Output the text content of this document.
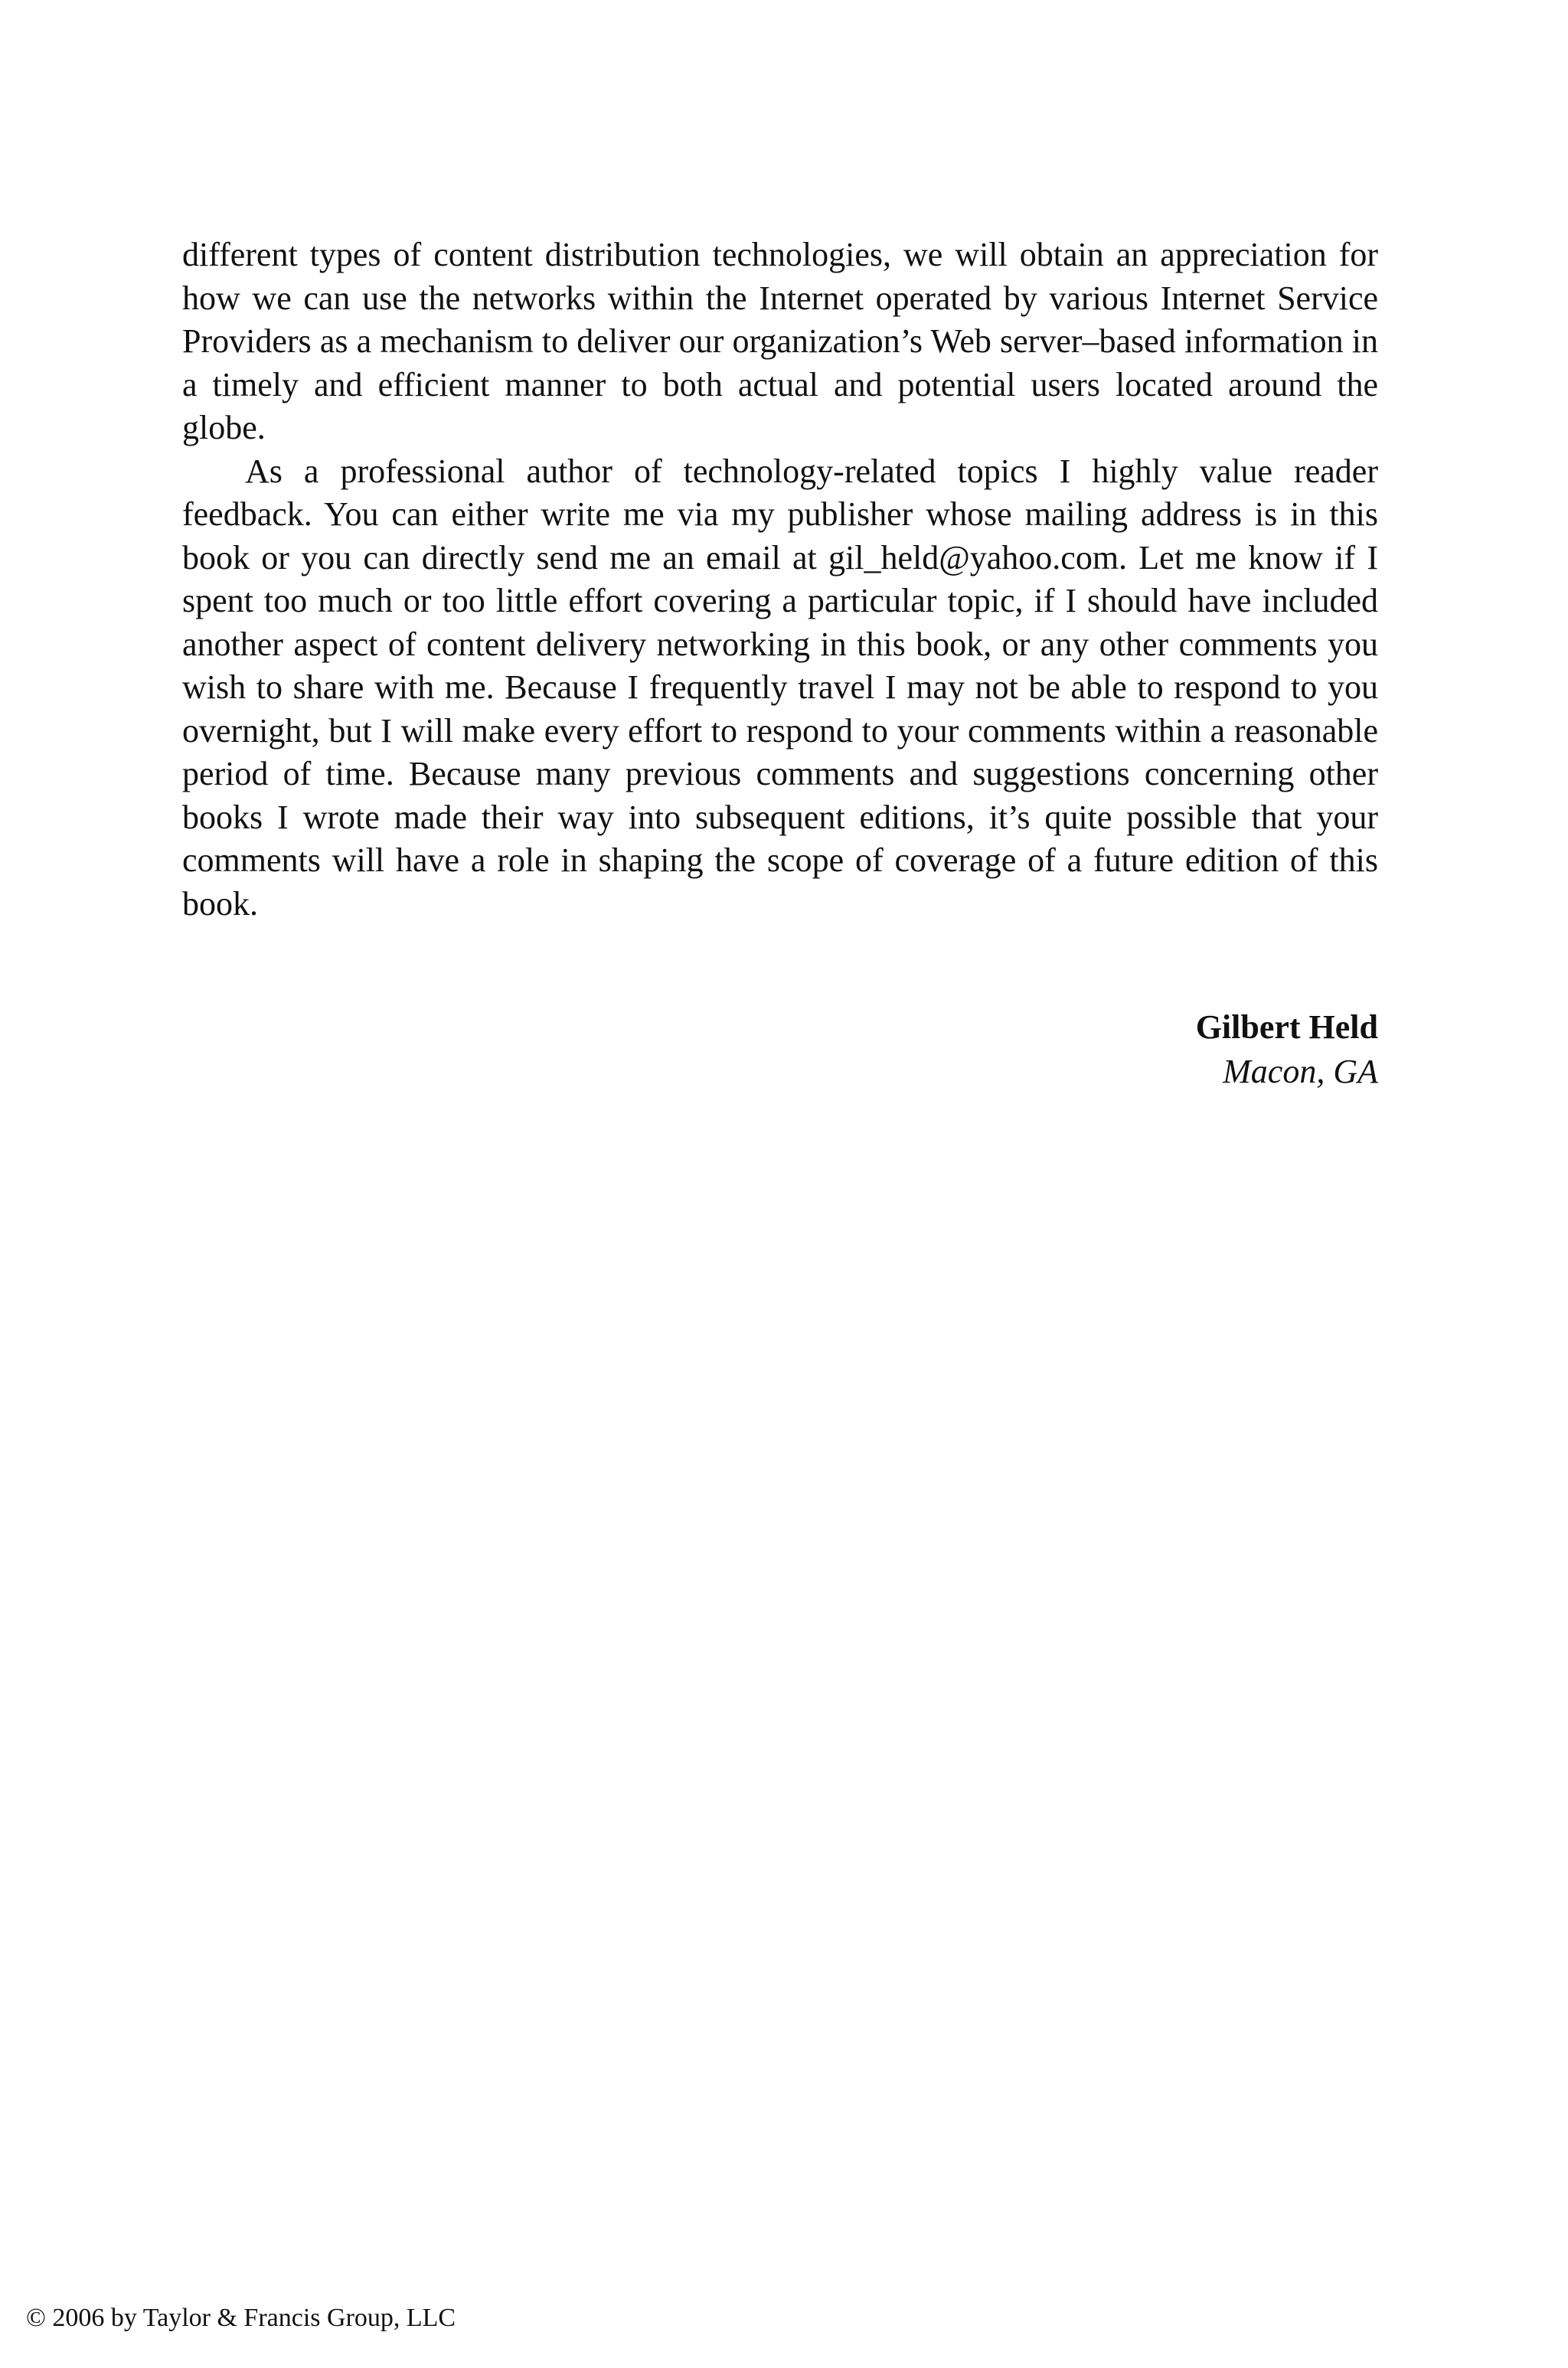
different types of content distribution technologies, we will obtain an appreciation for how we can use the networks within the Internet operated by various Internet Service Providers as a mechanism to deliver our organization’s Web server–based information in a timely and efficient manner to both actual and potential users located around the globe.

As a professional author of technology-related topics I highly value reader feedback. You can either write me via my publisher whose mailing address is in this book or you can directly send me an email at gil_held@yahoo.com. Let me know if I spent too much or too little effort covering a particular topic, if I should have included another aspect of content delivery networking in this book, or any other comments you wish to share with me. Because I frequently travel I may not be able to respond to you overnight, but I will make every effort to respond to your comments within a reasonable period of time. Because many previous comments and suggestions concerning other books I wrote made their way into subsequent editions, it’s quite possible that your comments will have a role in shaping the scope of coverage of a future edition of this book.

Gilbert Held
Macon, GA
© 2006 by Taylor & Francis Group, LLC
